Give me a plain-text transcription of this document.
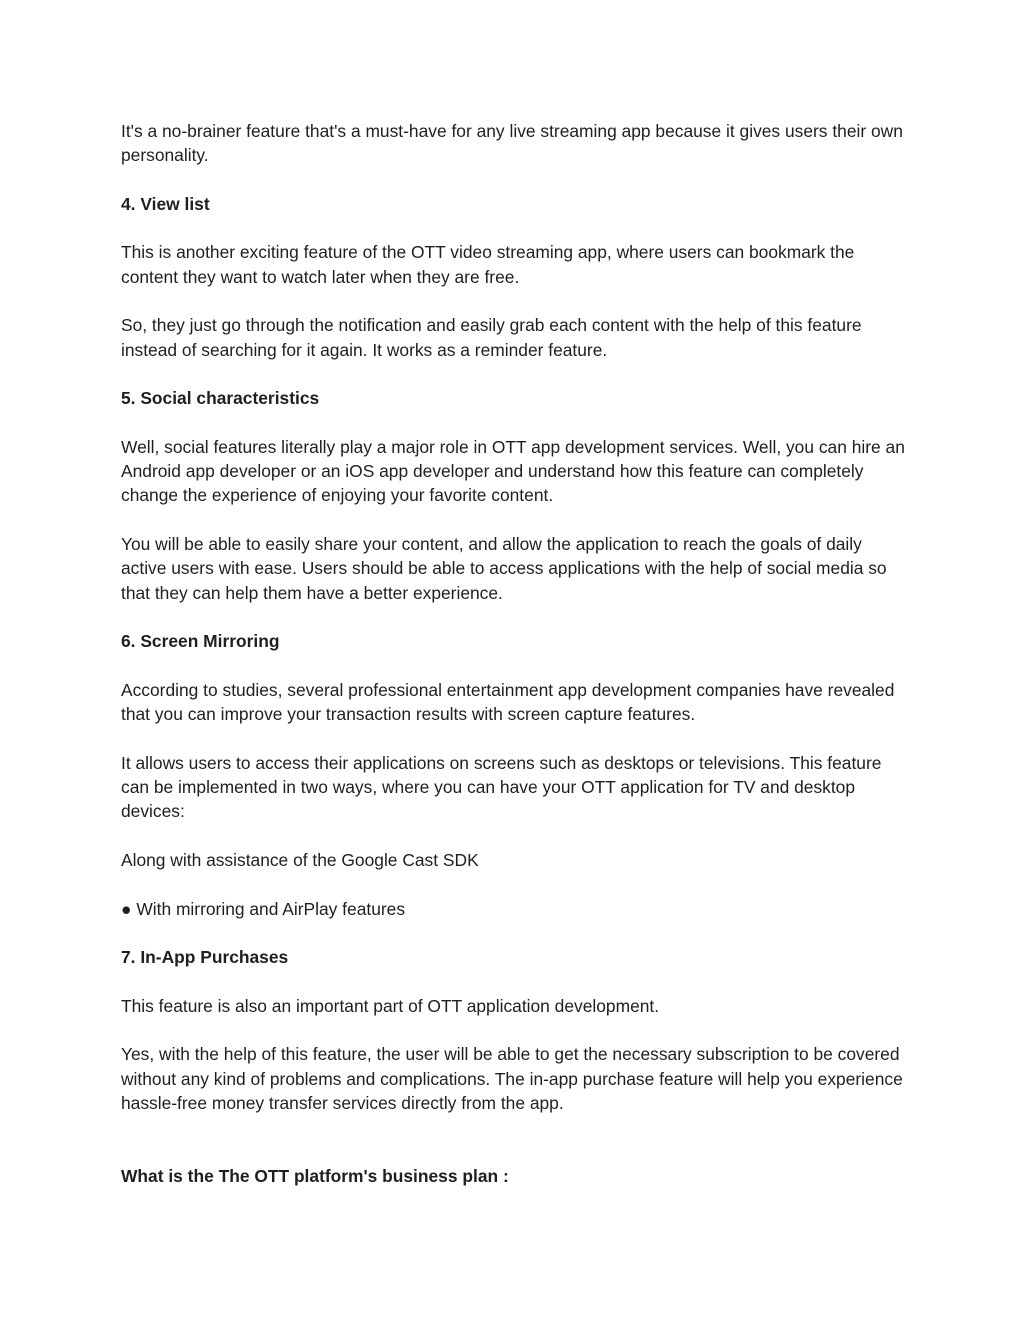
It's a no-brainer feature that's a must-have for any live streaming app because it gives users their own personality.

4. View list

This is another exciting feature of the OTT video streaming app, where users can bookmark the content they want to watch later when they are free.

So, they just go through the notification and easily grab each content with the help of this feature instead of searching for it again. It works as a reminder feature.

5. Social characteristics

Well, social features literally play a major role in OTT app development services. Well, you can hire an Android app developer or an iOS app developer and understand how this feature can completely change the experience of enjoying your favorite content.

You will be able to easily share your content, and allow the application to reach the goals of daily active users with ease. Users should be able to access applications with the help of social media so that they can help them have a better experience.

6. Screen Mirroring

According to studies, several professional entertainment app development companies have revealed that you can improve your transaction results with screen capture features.

It allows users to access their applications on screens such as desktops or televisions. This feature can be implemented in two ways, where you can have your OTT application for TV and desktop devices:

Along with assistance of the Google Cast SDK

● With mirroring and AirPlay features

7. In-App Purchases

This feature is also an important part of OTT application development.

Yes, with the help of this feature, the user will be able to get the necessary subscription to be covered without any kind of problems and complications. The in-app purchase feature will help you experience hassle-free money transfer services directly from the app.

What is the The OTT platform's business plan :
